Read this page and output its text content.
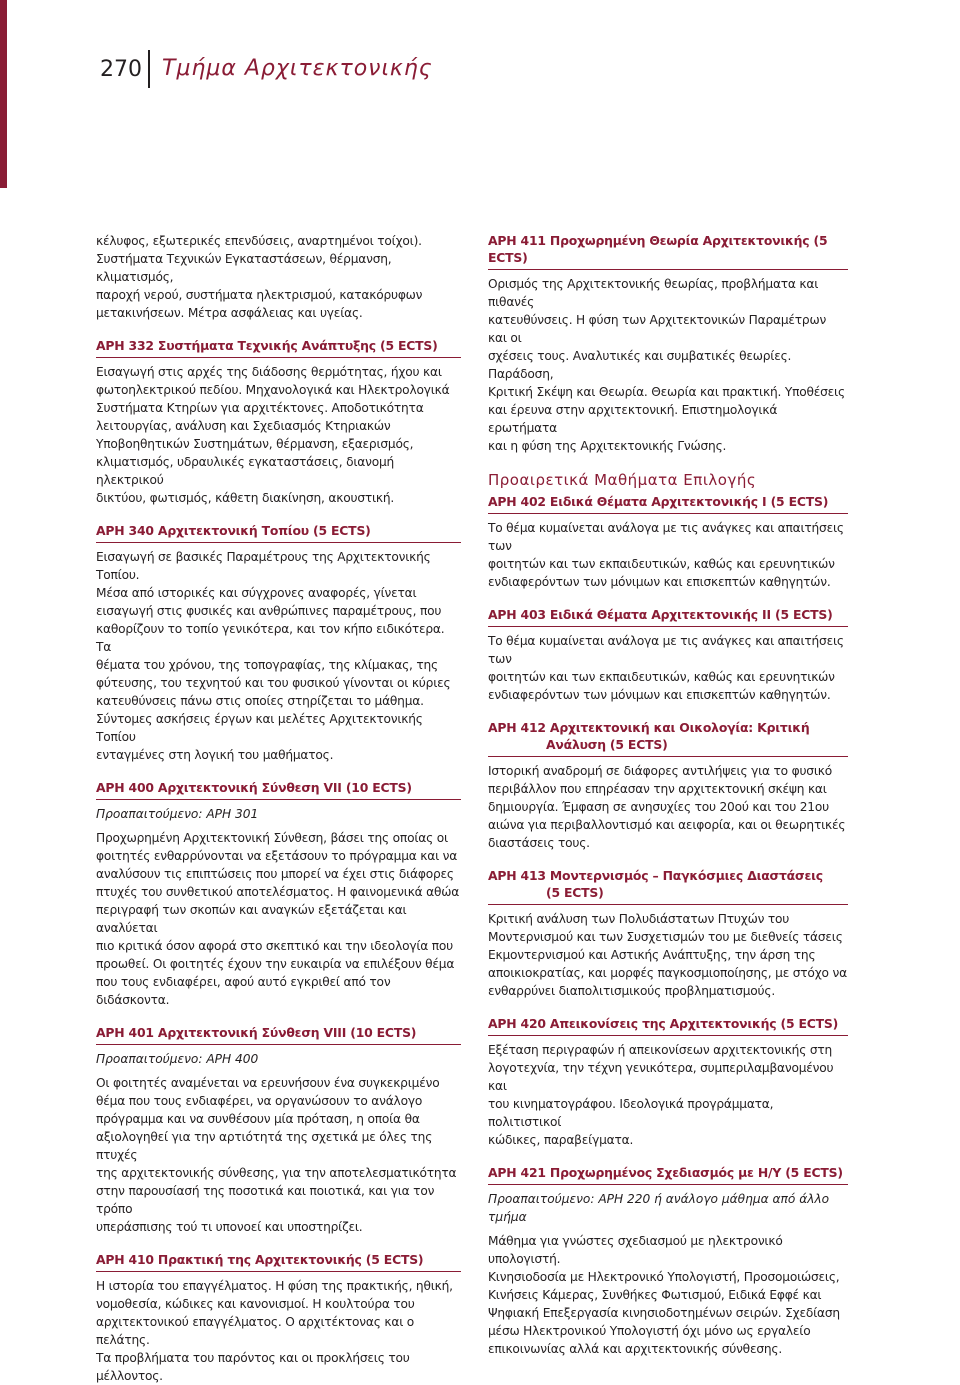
270 Τμήμα Αρχιτεκτονικής
κέλυφος, εξωτερικές επενδύσεις, αναρτημένοι τοίχοι).
Συστήματα Τεχνικών Εγκαταστάσεων, θέρμανση, κλιματισμός,
παροχή νερού, συστήματα ηλεκτρισμού, κατακόρυφων
μετακινήσεων. Μέτρα ασφάλειας και υγείας.
ΑΡΗ 332 Συστήματα Τεχνικής Ανάπτυξης (5 ECTS)
Εισαγωγή στις αρχές της διάδοσης θερμότητας, ήχου και
φωτοηλεκτρικού πεδίου. Μηχανολογικά και Ηλεκτρολογικά
Συστήματα Κτηρίων για αρχιτέκτονες. Αποδοτικότητα
λειτουργίας, ανάλυση και Σχεδιασμός Κτηριακών
Υποβοηθητικών Συστημάτων, θέρμανση, εξαερισμός,
κλιματισμός, υδραυλικές εγκαταστάσεις, διανομή ηλεκτρικού
δικτύου, φωτισμός, κάθετη διακίνηση, ακουστική.
ΑΡΗ 340 Αρχιτεκτονική Τοπίου (5 ECTS)
Εισαγωγή σε βασικές Παραμέτρους της Αρχιτεκτονικής Τοπίου.
Μέσα από ιστορικές και σύγχρονες αναφορές, γίνεται
εισαγωγή στις φυσικές και ανθρώπινες παραμέτρους, που
καθορίζουν το τοπίο γενικότερα, και τον κήπο ειδικότερα. Τα
θέματα του χρόνου, της τοπογραφίας, της κλίμακας, της
φύτευσης, του τεχνητού και του φυσικού γίνονται οι κύριες
κατευθύνσεις πάνω στις οποίες στηρίζεται το μάθημα.
Σύντομες ασκήσεις έργων και μελέτες Αρχιτεκτονικής Τοπίου
ενταγμένες στη λογική του μαθήματος.
ΑΡΗ 400 Αρχιτεκτονική Σύνθεση VII (10 ECTS)
Προαπαιτούμενο: ΑΡΗ 301
Προχωρημένη Αρχιτεκτονική Σύνθεση, βάσει της οποίας οι
φοιτητές ενθαρρύνονται να εξετάσουν το πρόγραμμα και να
αναλύσουν τις επιπτώσεις που μπορεί να έχει στις διάφορες
πτυχές του συνθετικού αποτελέσματος. Η φαινομενικά αθώα
περιγραφή των σκοπών και αναγκών εξετάζεται και αναλύεται
πιο κριτικά όσον αφορά στο σκεπτικό και την ιδεολογία που
προωθεί. Οι φοιτητές έχουν την ευκαιρία να επιλέξουν θέμα
που τους ενδιαφέρει, αφού αυτό εγκριθεί από τον διδάσκοντα.
ΑΡΗ 401 Αρχιτεκτονική Σύνθεση VIII (10 ECTS)
Προαπαιτούμενο: ΑΡΗ 400
Οι φοιτητές αναμένεται να ερευνήσουν ένα συγκεκριμένο
θέμα που τους ενδιαφέρει, να οργανώσουν το ανάλογο
πρόγραμμα και να συνθέσουν μία πρόταση, η οποία θα
αξιολογηθεί για την αρτιότητά της σχετικά με όλες της πτυχές
της αρχιτεκτονικής σύνθεσης, για την αποτελεσματικότητα
στην παρουσίασή της ποσοτικά και ποιοτικά, και για τον τρόπο
υπεράσπισης τού τι υπονοεί και υποστηρίζει.
ΑΡΗ 410 Πρακτική της Αρχιτεκτονικής (5 ECTS)
Η ιστορία του επαγγέλματος. Η φύση της πρακτικής, ηθική,
νομοθεσία, κώδικες και κανονισμοί. Η κουλτούρα του
αρχιτεκτονικού επαγγέλματος. Ο αρχιτέκτονας και ο πελάτης.
Τα προβλήματα του παρόντος και οι προκλήσεις του
μέλλοντος.
ΑΡΗ 411 Προχωρημένη Θεωρία Αρχιτεκτονικής (5 ECTS)
Ορισμός της Αρχιτεκτονικής θεωρίας, προβλήματα και πιθανές
κατευθύνσεις. Η φύση των Αρχιτεκτονικών Παραμέτρων και οι
σχέσεις τους. Αναλυτικές και συμβατικές θεωρίες. Παράδοση,
Κριτική Σκέψη και Θεωρία. Θεωρία και πρακτική. Υποθέσεις
και έρευνα στην αρχιτεκτονική. Επιστημολογικά ερωτήματα
και η φύση της Αρχιτεκτονικής Γνώσης.
Προαιρετικά Μαθήματα Επιλογής
ΑΡΗ 402 Ειδικά Θέματα Αρχιτεκτονικής I (5 ECTS)
Το θέμα κυμαίνεται ανάλογα με τις ανάγκες και απαιτήσεις των
φοιτητών και των εκπαιδευτικών, καθώς και ερευνητικών
ενδιαφερόντων των μόνιμων και επισκεπτών καθηγητών.
ΑΡΗ 403 Ειδικά Θέματα Αρχιτεκτονικής II (5 ECTS)
Το θέμα κυμαίνεται ανάλογα με τις ανάγκες και απαιτήσεις των
φοιτητών και των εκπαιδευτικών, καθώς και ερευνητικών
ενδιαφερόντων των μόνιμων και επισκεπτών καθηγητών.
ΑΡΗ 412 Αρχιτεκτονική και Οικολογία: Κριτική
Ανάλυση (5 ECTS)
Ιστορική αναδρομή σε διάφορες αντιλήψεις για το φυσικό
περιβάλλον που επηρέασαν την αρχιτεκτονική σκέψη και
δημιουργία. Έμφαση σε ανησυχίες του 20ού και του 21ου
αιώνα για περιβαλλοντισμό και αειφορία, και οι θεωρητικές
διαστάσεις τους.
ΑΡΗ 413 Μοντερνισμός – Παγκόσμιες Διαστάσεις
(5 ECTS)
Κριτική ανάλυση των Πολυδιάστατων Πτυχών του
Μοντερνισμού και των Συσχετισμών του με διεθνείς τάσεις
Εκμοντερνισμού και Αστικής Ανάπτυξης, την άρση της
αποικιοκρατίας, και μορφές παγκοσμιοποίησης, με στόχο να
ενθαρρύνει διαπολιτισμικούς προβληματισμούς.
ΑΡΗ 420 Απεικονίσεις της Αρχιτεκτονικής (5 ECTS)
Εξέταση περιγραφών ή απεικονίσεων αρχιτεκτονικής στη
λογοτεχνία, την τέχνη γενικότερα, συμπεριλαμβανομένου και
του κινηματογράφου. Ιδεολογικά προγράμματα, πολιτιστικοί
κώδικες, παραβείγματα.
ΑΡΗ 421 Προχωρημένος Σχεδιασμός με Η/Υ (5 ECTS)
Προαπαιτούμενο: ΑΡΗ 220 ή ανάλογο μάθημα από άλλο τμήμα
Μάθημα για γνώστες σχεδιασμού με ηλεκτρονικό υπολογιστή.
Κινησιοδοσία με Ηλεκτρονικό Υπολογιστή, Προσομοιώσεις,
Κινήσεις Κάμερας, Συνθήκες Φωτισμού, Ειδικά Εφφέ και
Ψηφιακή Επεξεργασία κινησιοδοτημένων σειρών. Σχεδίαση
μέσω Ηλεκτρονικού Υπολογιστή όχι μόνο ως εργαλείο
επικοινωνίας αλλά και αρχιτεκτονικής σύνθεσης.
